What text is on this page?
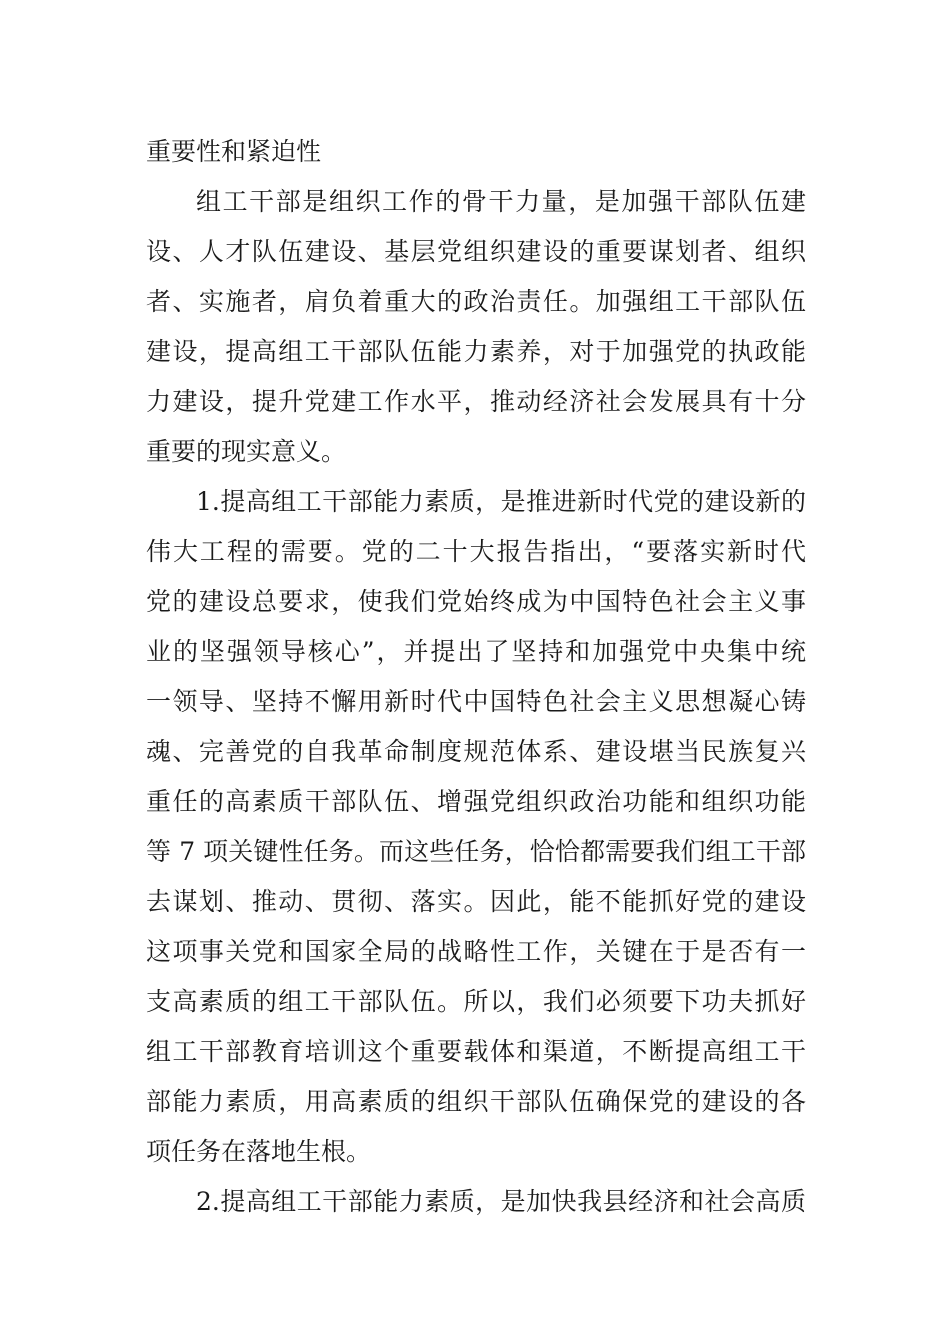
重要性和紧迫性
组工干部是组织工作的骨干力量，是加强干部队伍建
设、人才队伍建设、基层党组织建设的重要谋划者、组织
者、实施者，肩负着重大的政治责任。加强组工干部队伍
建设，提高组工干部队伍能力素养，对于加强党的执政能
力建设，提升党建工作水平，推动经济社会发展具有十分
重要的现实意义。
1.提高组工干部能力素质，是推进新时代党的建设新的
伟大工程的需要。党的二十大报告指出，“要落实新时代
党的建设总要求，使我们党始终成为中国特色社会主义事
业的坚强领导核心”，并提出了坚持和加强党中央集中统
一领导、坚持不懈用新时代中国特色社会主义思想凝心铸
魂、完善党的自我革命制度规范体系、建设堪当民族复兴
重任的高素质干部队伍、增强党组织政治功能和组织功能
等 7 项关键性任务。而这些任务，恰恰都需要我们组工干部
去谋划、推动、贯彻、落实。因此，能不能抓好党的建设
这项事关党和国家全局的战略性工作，关键在于是否有一
支高素质的组工干部队伍。所以，我们必须要下功夫抓好
组工干部教育培训这个重要载体和渠道，不断提高组工干
部能力素质，用高素质的组织干部队伍确保党的建设的各
项任务在落地生根。
2.提高组工干部能力素质，是加快我县经济和社会高质
